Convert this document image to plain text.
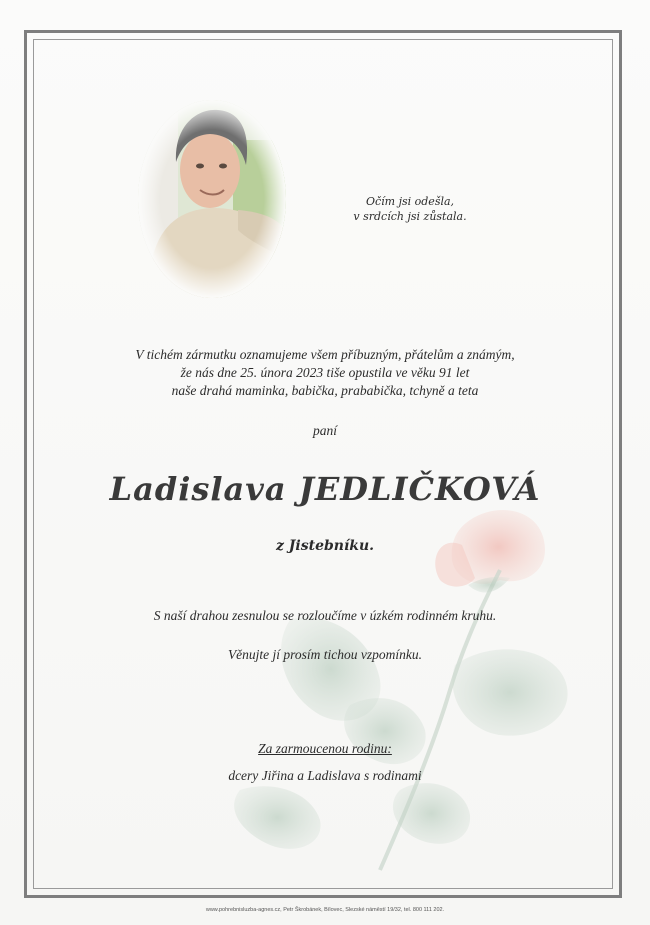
Očím jsi odešla,
v srdcích jsi zůstala.
V tichém zármutku oznamujeme všem příbuzným, přátelům a známým,
že nás dne 25. února 2023 tiše opustila ve věku 91 let
naše drahá maminka, babička, prababička, tchyně a teta
paní
Ladislava JEDLIČKOVÁ
z Jistebníku.
S naší drahou zesnulou se rozloučíme v úzkém rodinném kruhu.
Věnujte jí prosím tichou vzpomínku.
Za zarmoucenou rodinu:
dcery Jiřina a Ladislava s rodinami
www.pohrebnisluzba-agnes.cz, Petr Škrobánek, Bílovec, Slezské náměstí 19/32, tel. 800 111 202.
